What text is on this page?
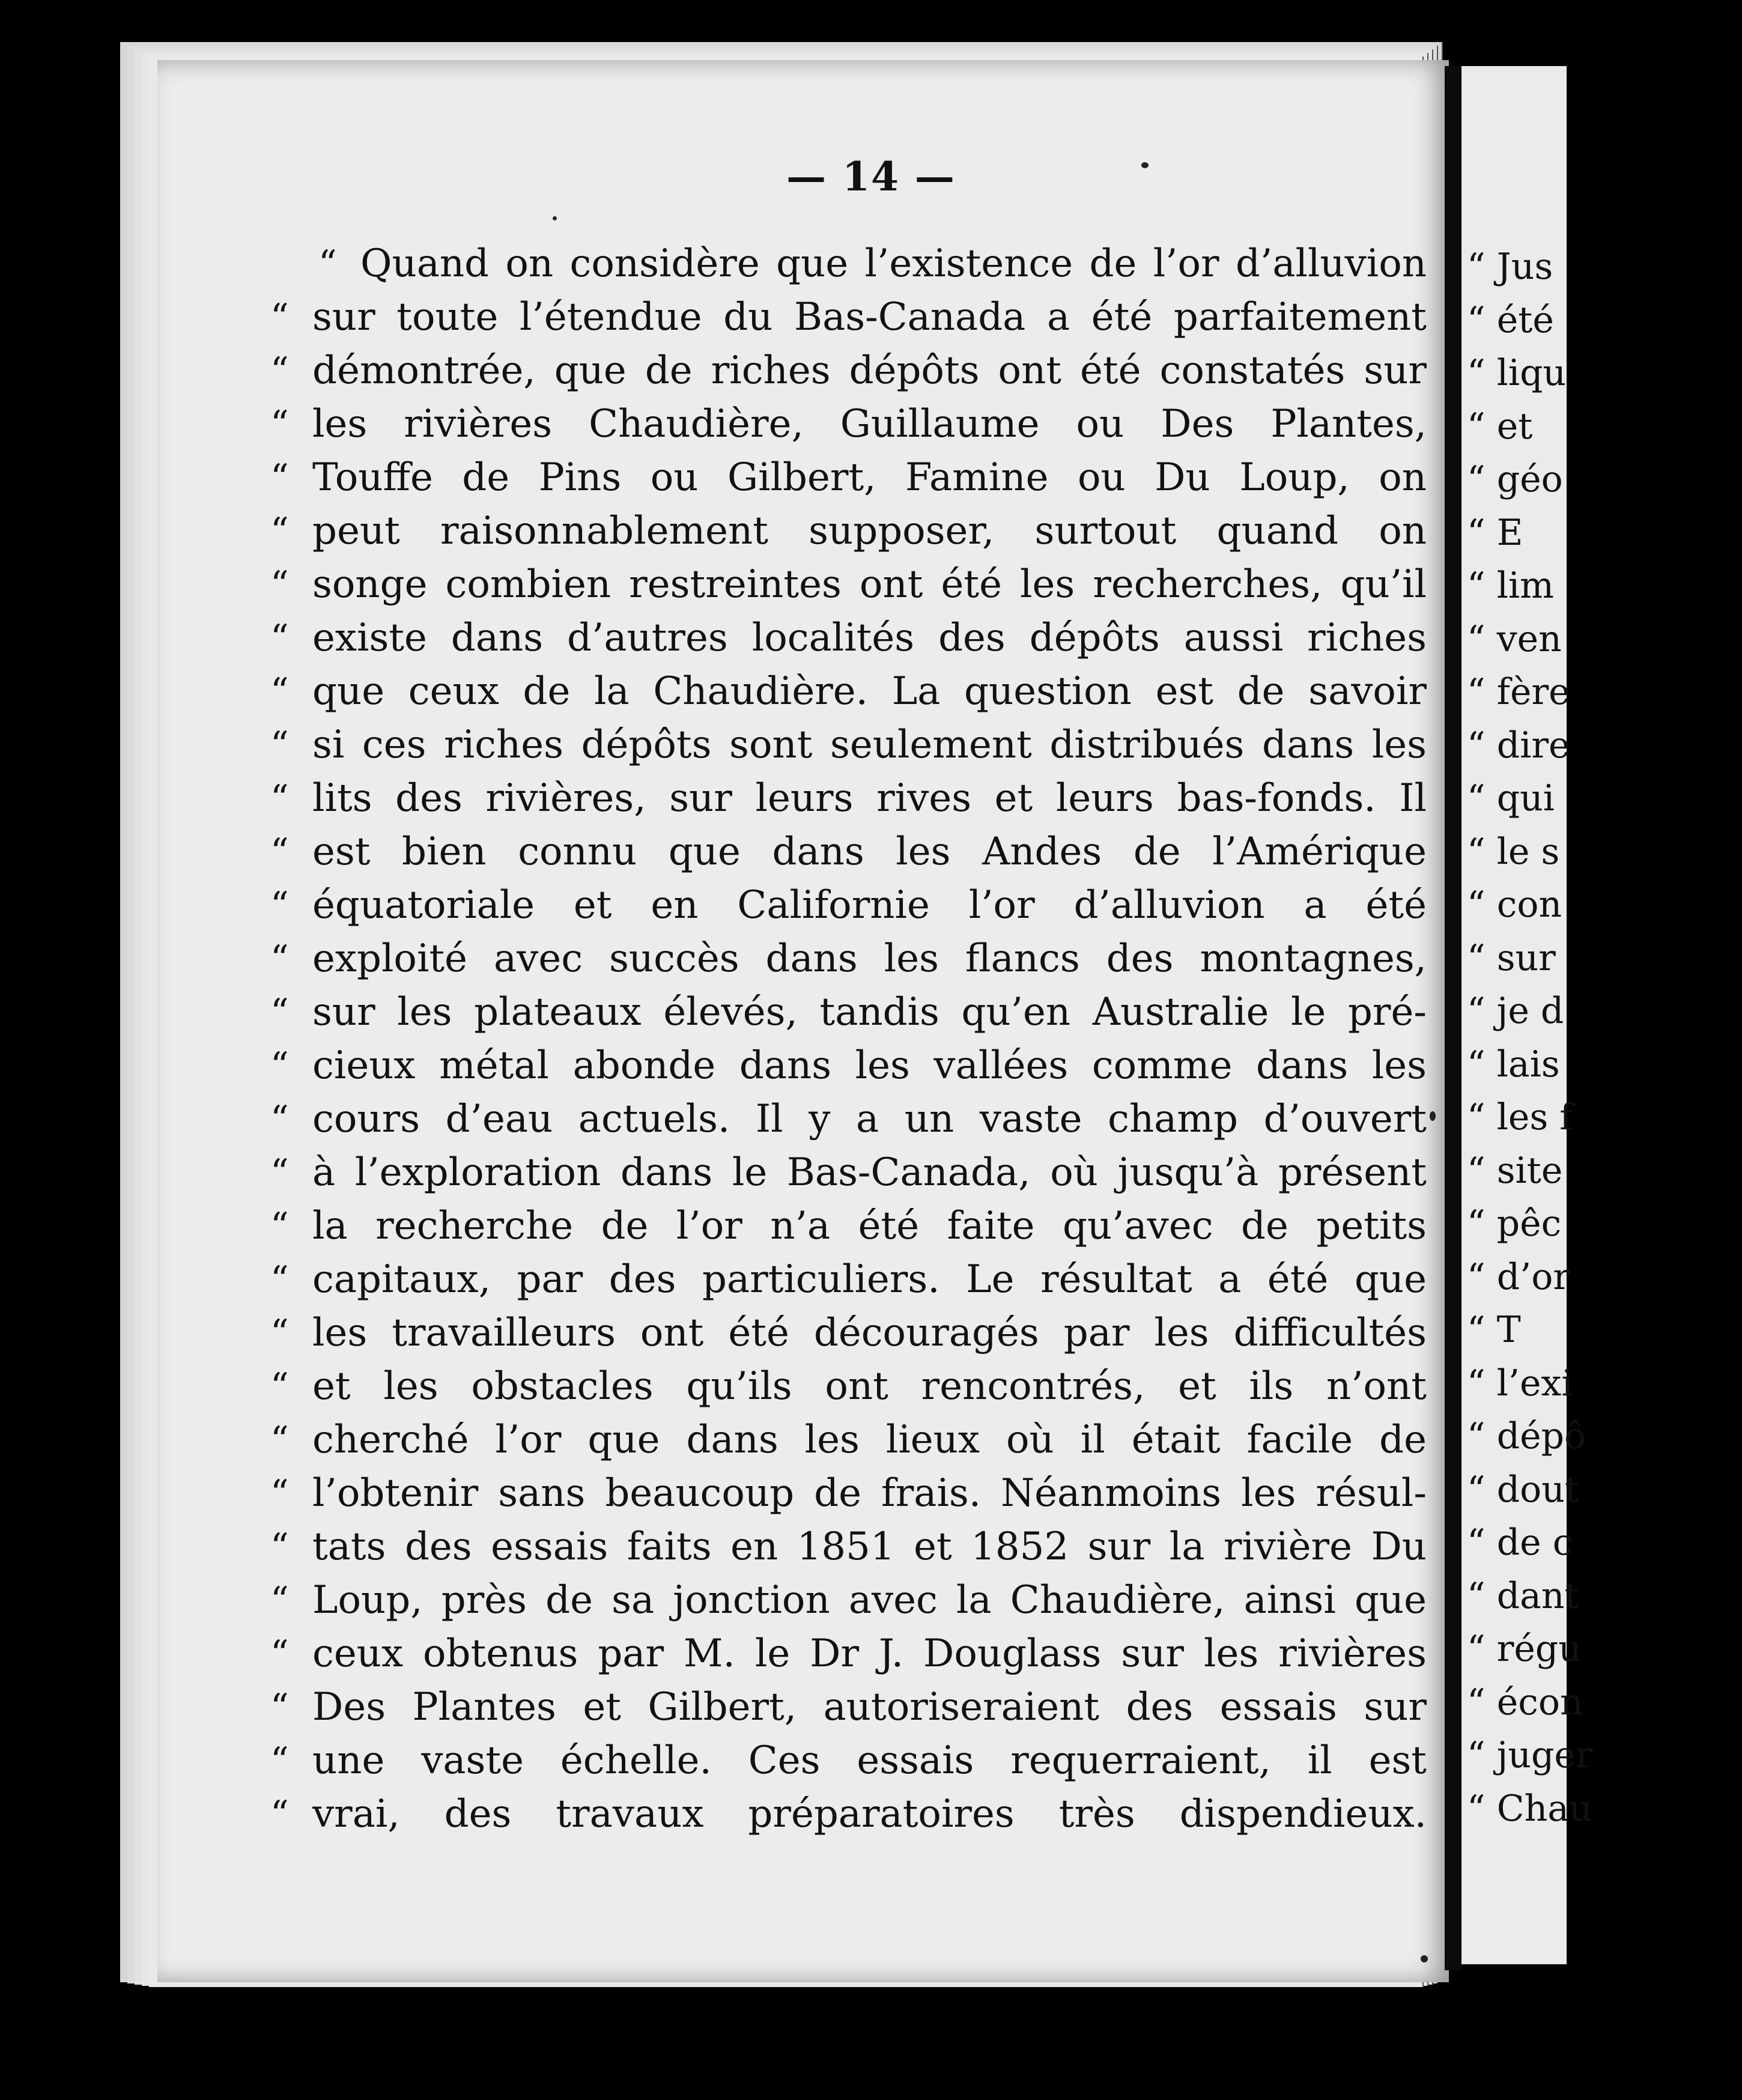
— 14 —
“ Quand on considère que l’existence de l’or d’alluvion
“ sur toute l’étendue du Bas-Canada a été parfaitement
“ démontrée, que de riches dépôts ont été constatés sur
“ les rivières Chaudière, Guillaume ou Des Plantes,
“ Touffe de Pins ou Gilbert, Famine ou Du Loup, on
“ peut raisonnablement supposer, surtout quand on
“ songe combien restreintes ont été les recherches, qu’il
“ existe dans d’autres localités des dépôts aussi riches
“ que ceux de la Chaudière. La question est de savoir
“ si ces riches dépôts sont seulement distribués dans les
“ lits des rivières, sur leurs rives et leurs bas-fonds. Il
“ est bien connu que dans les Andes de l’Amérique
“ équatoriale et en Californie l’or d’alluvion a été
“ exploité avec succès dans les flancs des montagnes,
“ sur les plateaux élevés, tandis qu’en Australie le pré-
“ cieux métal abonde dans les vallées comme dans les
“ cours d’eau actuels. Il y a un vaste champ d’ouvert
“ à l’exploration dans le Bas-Canada, où jusqu’à présent
“ la recherche de l’or n’a été faite qu’avec de petits
“ capitaux, par des particuliers. Le résultat a été que
“ les travailleurs ont été découragés par les difficultés
“ et les obstacles qu’ils ont rencontrés, et ils n’ont
“ cherché l’or que dans les lieux où il était facile de
“ l’obtenir sans beaucoup de frais. Néanmoins les résul-
“ tats des essais faits en 1851 et 1852 sur la rivière Du
“ Loup, près de sa jonction avec la Chaudière, ainsi que
“ ceux obtenus par M. le Dr J. Douglass sur les rivières
“ Des Plantes et Gilbert, autoriseraient des essais sur
“ une vaste échelle. Ces essais requerraient, il est
“ vrai, des travaux préparatoires très dispendieux.
“ Jus
“ été
“ liqu
“ et
“ géo
“ E
“ lim
“ ven
“ fère
“ dire
“ qui
“ le s
“ con
“ sur
“ je d
“ lais
“ les f
“ site
“ pêc
“ d’or
“ T
“ l’exi
“ dépô
“ dout
“ de c
“ dant
“ régu
“ écon
“ juger
“ Chau
